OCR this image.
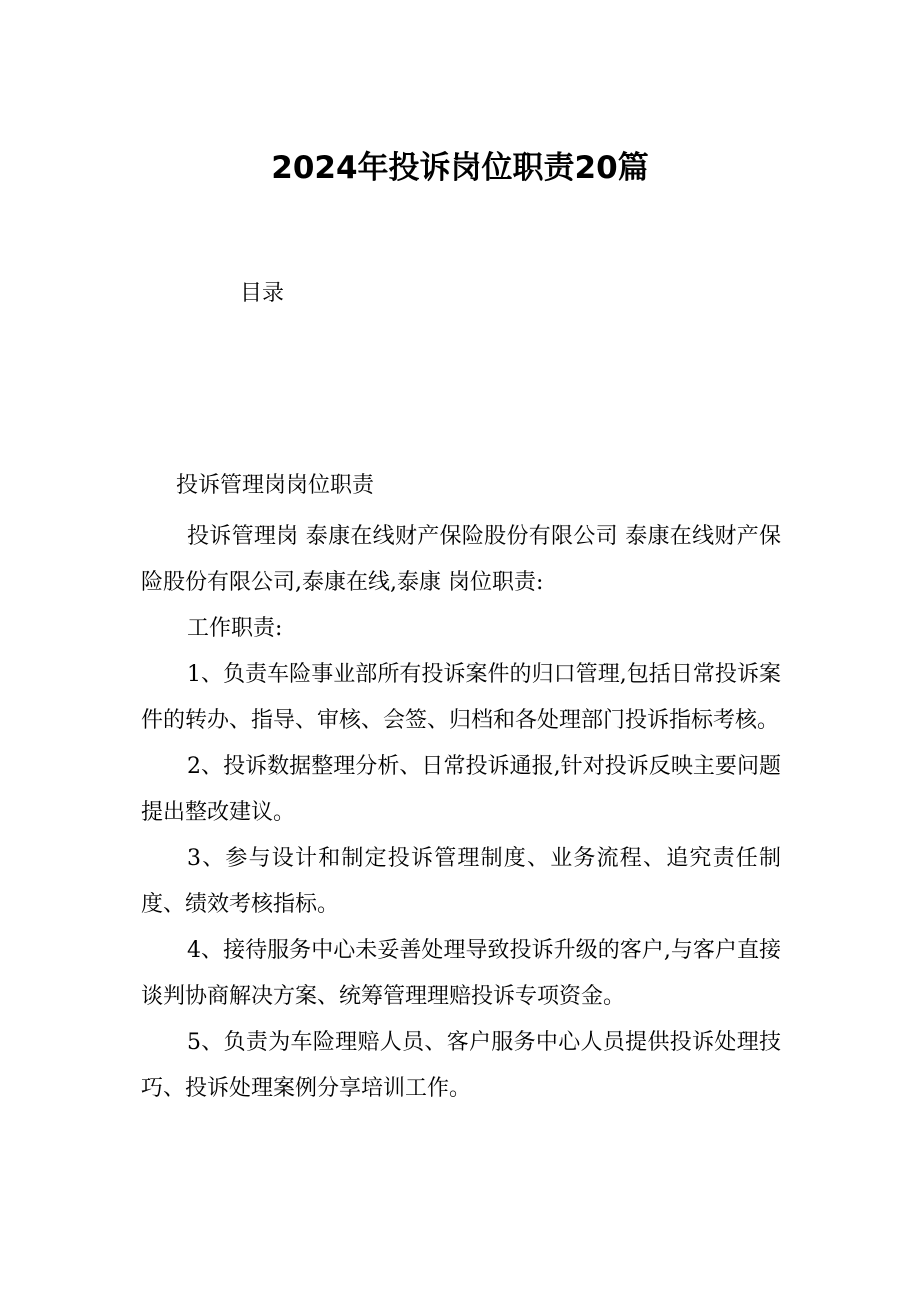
2024年投诉岗位职责20篇
目录
投诉管理岗岗位职责

投诉管理岗 泰康在线财产保险股份有限公司 泰康在线财产保险股份有限公司,泰康在线,泰康 岗位职责:

工作职责:

1、负责车险事业部所有投诉案件的归口管理,包括日常投诉案件的转办、指导、审核、会签、归档和各处理部门投诉指标考核。

2、投诉数据整理分析、日常投诉通报,针对投诉反映主要问题提出整改建议。

3、参与设计和制定投诉管理制度、业务流程、追究责任制度、绩效考核指标。

4、接待服务中心未妥善处理导致投诉升级的客户,与客户直接谈判协商解决方案、统筹管理理赔投诉专项资金。

5、负责为车险理赔人员、客户服务中心人员提供投诉处理技巧、投诉处理案例分享培训工作。
